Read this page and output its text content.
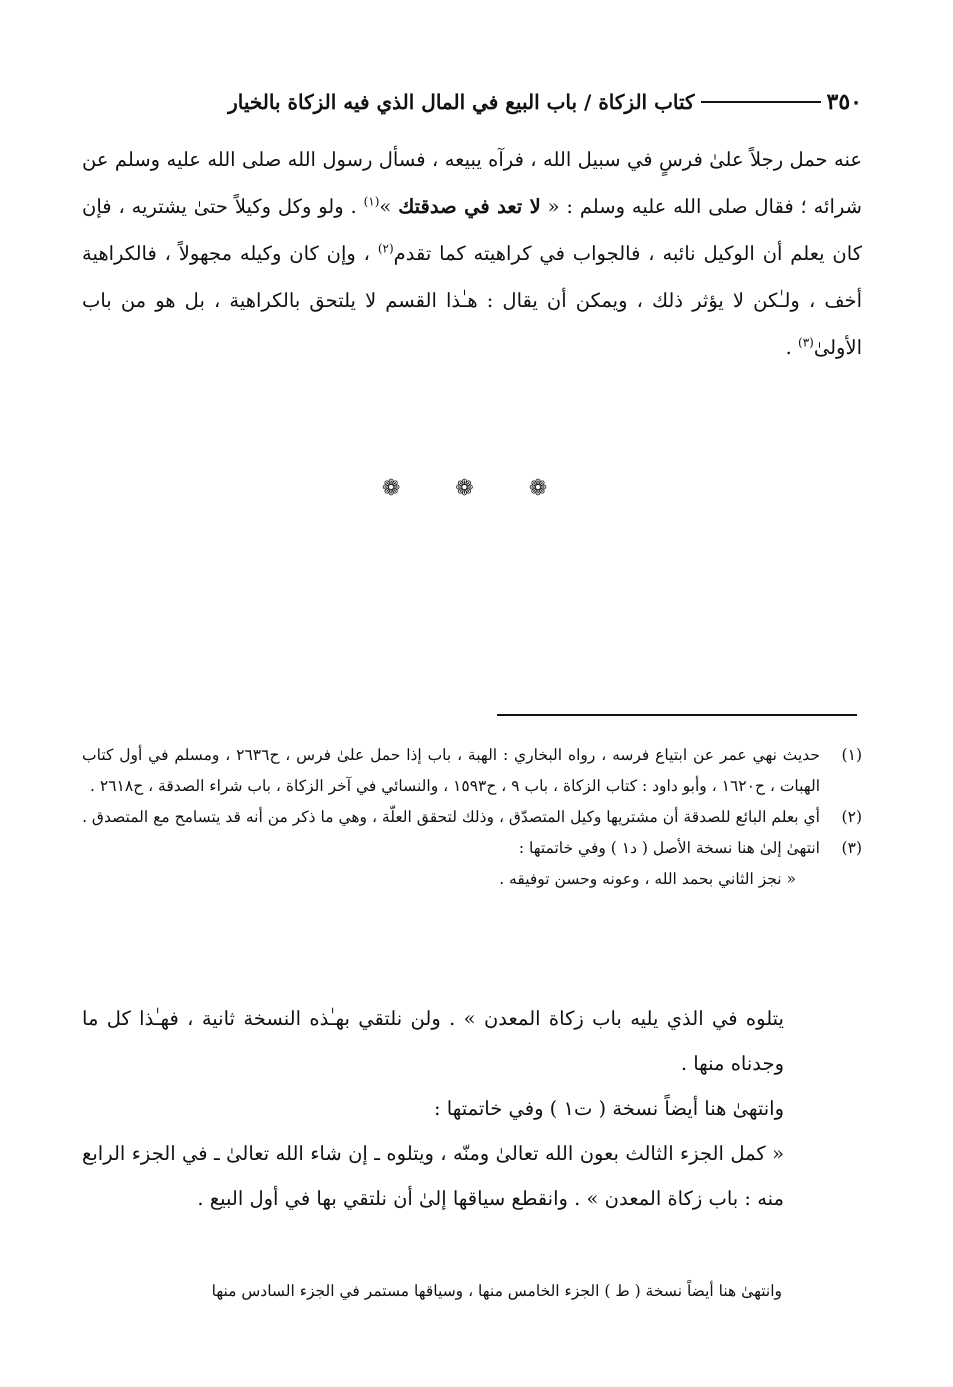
٣٥٠
كتاب الزكاة / باب البيع في المال الذي فيه الزكاة بالخيار

عنه حمل رجلاً علىٰ فرسٍ في سبيل الله ، فرآه يبيعه ، فسأل رسول الله صلى الله عليه وسلم عن شرائه ؛ فقال صلى الله عليه وسلم : « لا تعد في صدقتك »$^{(١)}$ . ولو وكل وكيلاً حتىٰ يشتريه ، فإن كان يعلم أن الوكيل نائبه ، فالجواب في كراهيته كما تقدم$^{(٢)}$ ، وإن كان وكيله مجهولاً ، فالكراهية أخف ، ولـٰكن لا يؤثر ذلك ، ويمكن أن يقال : هـٰذا القسم لا يلتحق بالكراهية ، بل هو من باب الأولىٰ$^{(٣)}$ .

❁ ❁ ❁
(١)

حديث نهي عمر عن ابتياع فرسه ، رواه البخاري : الهبة ، باب إذا حمل علىٰ فرس ، ح٢٦٣٦ ، ومسلم في أول كتاب الهبات ، ح١٦٢٠ ، وأبو داود : كتاب الزكاة ، باب ٩ ، ح١٥٩٣ ، والنسائي في آخر الزكاة ، باب شراء الصدقة ، ح٢٦١٨ .

(٢)

أي بعلم البائع للصدقة أن مشتريها وكيل المتصدّق ، وذلك لتحقق العلّة ، وهي ما ذكر من أنه قد يتسامح مع المتصدق .

(٣)

انتهىٰ إلىٰ هنا نسخة الأصل ( د١ ) وفي خاتمتها :

« نجز الثاني بحمد الله ، وعونه وحسن توفيقه .

يتلوه في الذي يليه باب زكاة المعدن » . ولن نلتقي بهـٰذه النسخة ثانية ، فهـٰذا كل ما وجدناه منها .

وانتهىٰ هنا أيضاً نسخة ( ت١ ) وفي خاتمتها :

« كمل الجزء الثالث بعون الله تعالىٰ ومنّه ، ويتلوه ـ إن شاء الله تعالىٰ ـ في الجزء الرابع منه : باب زكاة المعدن » . وانقطع سياقها إلىٰ أن نلتقي بها في أول البيع .

وانتهىٰ هنا أيضاً نسخة ( ط ) الجزء الخامس منها ، وسياقها مستمر في الجزء السادس منها
